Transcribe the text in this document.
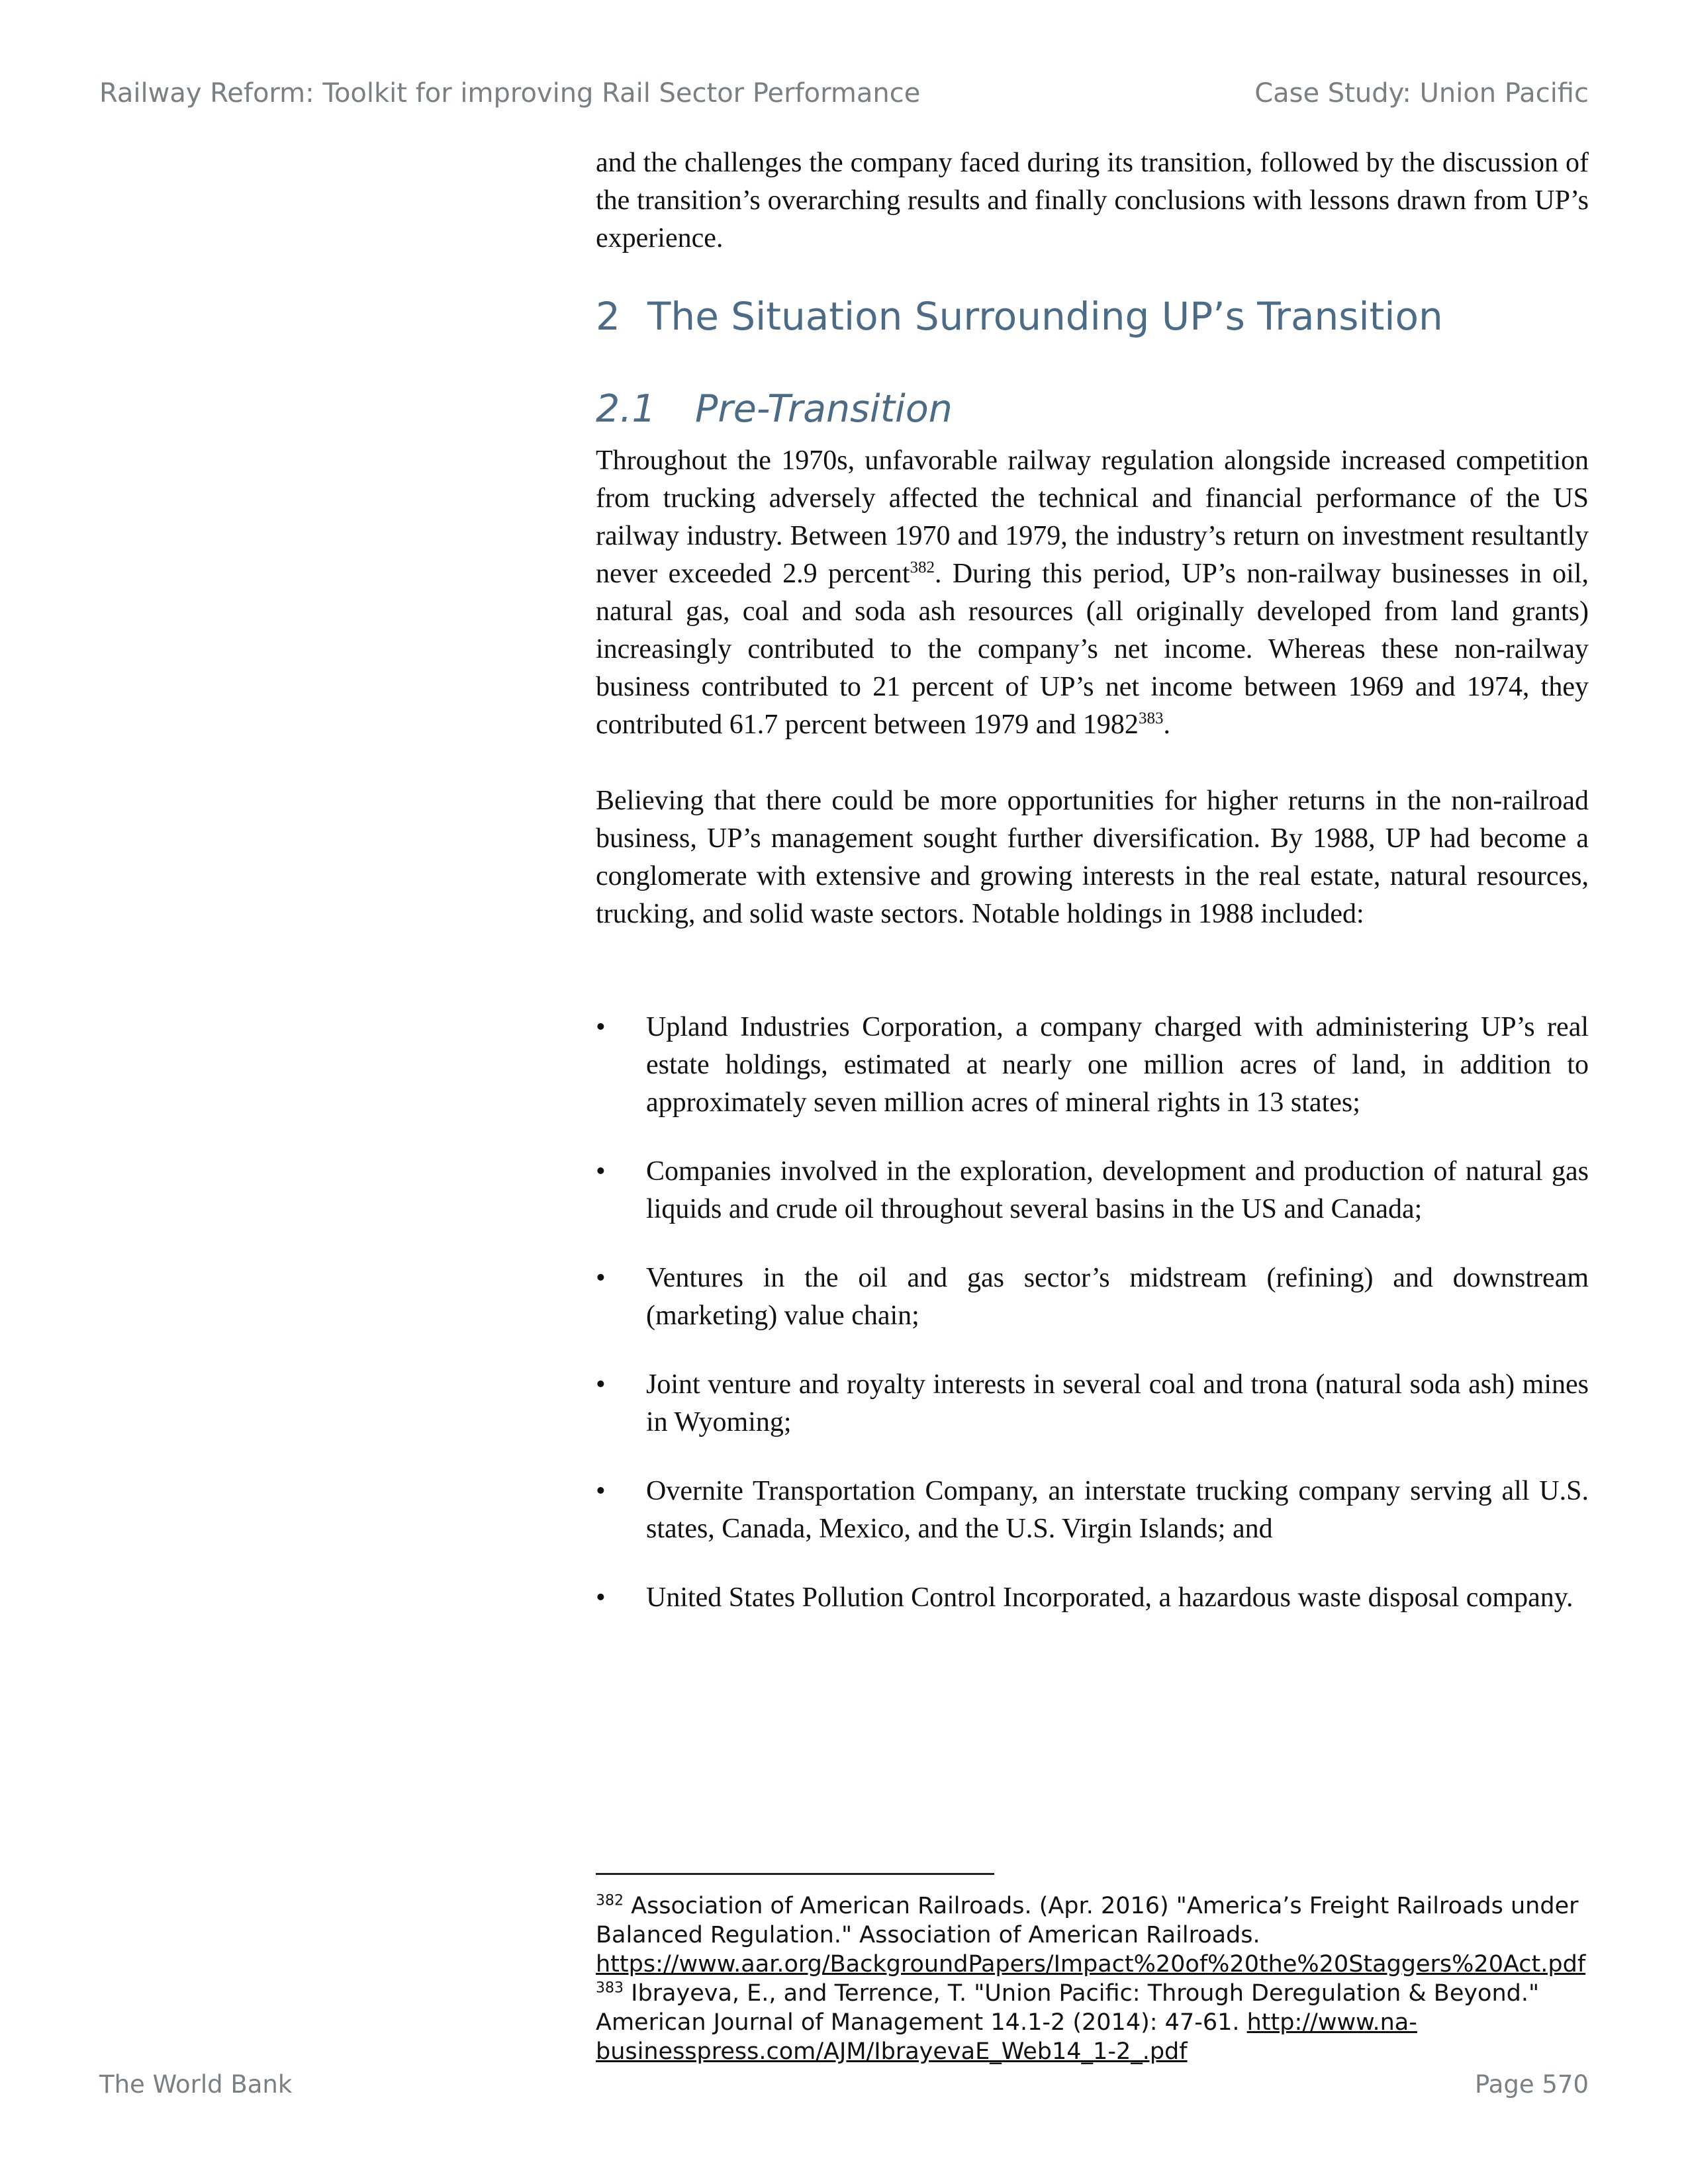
Railway Reform: Toolkit for improving Rail Sector Performance	Case Study: Union Pacific

and the challenges the company faced during its transition, followed by the discussion of the transition’s overarching results and finally conclusions with lessons drawn from UP’s experience.

2 The Situation Surrounding UP’s Transition
2.1 Pre-Transition

Throughout the 1970s, unfavorable railway regulation alongside increased competition from trucking adversely affected the technical and financial performance of the US railway industry. Between 1970 and 1979, the industry’s return on investment resultantly never exceeded 2.9 percent$^{382}$. During this period, UP’s non-railway businesses in oil, natural gas, coal and soda ash resources (all originally developed from land grants) increasingly contributed to the company’s net income. Whereas these non-railway business contributed to 21 percent of UP’s net income between 1969 and 1974, they contributed 61.7 percent between 1979 and 1982$^{383}$.

Believing that there could be more opportunities for higher returns in the non-railroad business, UP’s management sought further diversification. By 1988, UP had become a conglomerate with extensive and growing interests in the real estate, natural resources, trucking, and solid waste sectors. Notable holdings in 1988 included:

• Upland Industries Corporation, a company charged with administering UP’s real estate holdings, estimated at nearly one million acres of land, in addition to approximately seven million acres of mineral rights in 13 states;

• Companies involved in the exploration, development and production of natural gas liquids and crude oil throughout several basins in the US and Canada;

• Ventures in the oil and gas sector’s midstream (refining) and downstream (marketing) value chain;

• Joint venture and royalty interests in several coal and trona (natural soda ash) mines in Wyoming;

• Overnite Transportation Company, an interstate trucking company serving all U.S. states, Canada, Mexico, and the U.S. Virgin Islands; and

• United States Pollution Control Incorporated, a hazardous waste disposal company.

$^{382}$ Association of American Railroads. (Apr. 2016) "America’s Freight Railroads under Balanced Regulation." Association of American Railroads. https://www.aar.org/BackgroundPapers/Impact%20of%20the%20Staggers%20Act.pdf

$^{383}$ Ibrayeva, E., and Terrence, T. "Union Pacific: Through Deregulation & Beyond." American Journal of Management 14.1-2 (2014): 47-61. http://www.na-businesspress.com/AJM/IbrayevaE_Web14_1-2_.pdf

The World Bank	Page 570
